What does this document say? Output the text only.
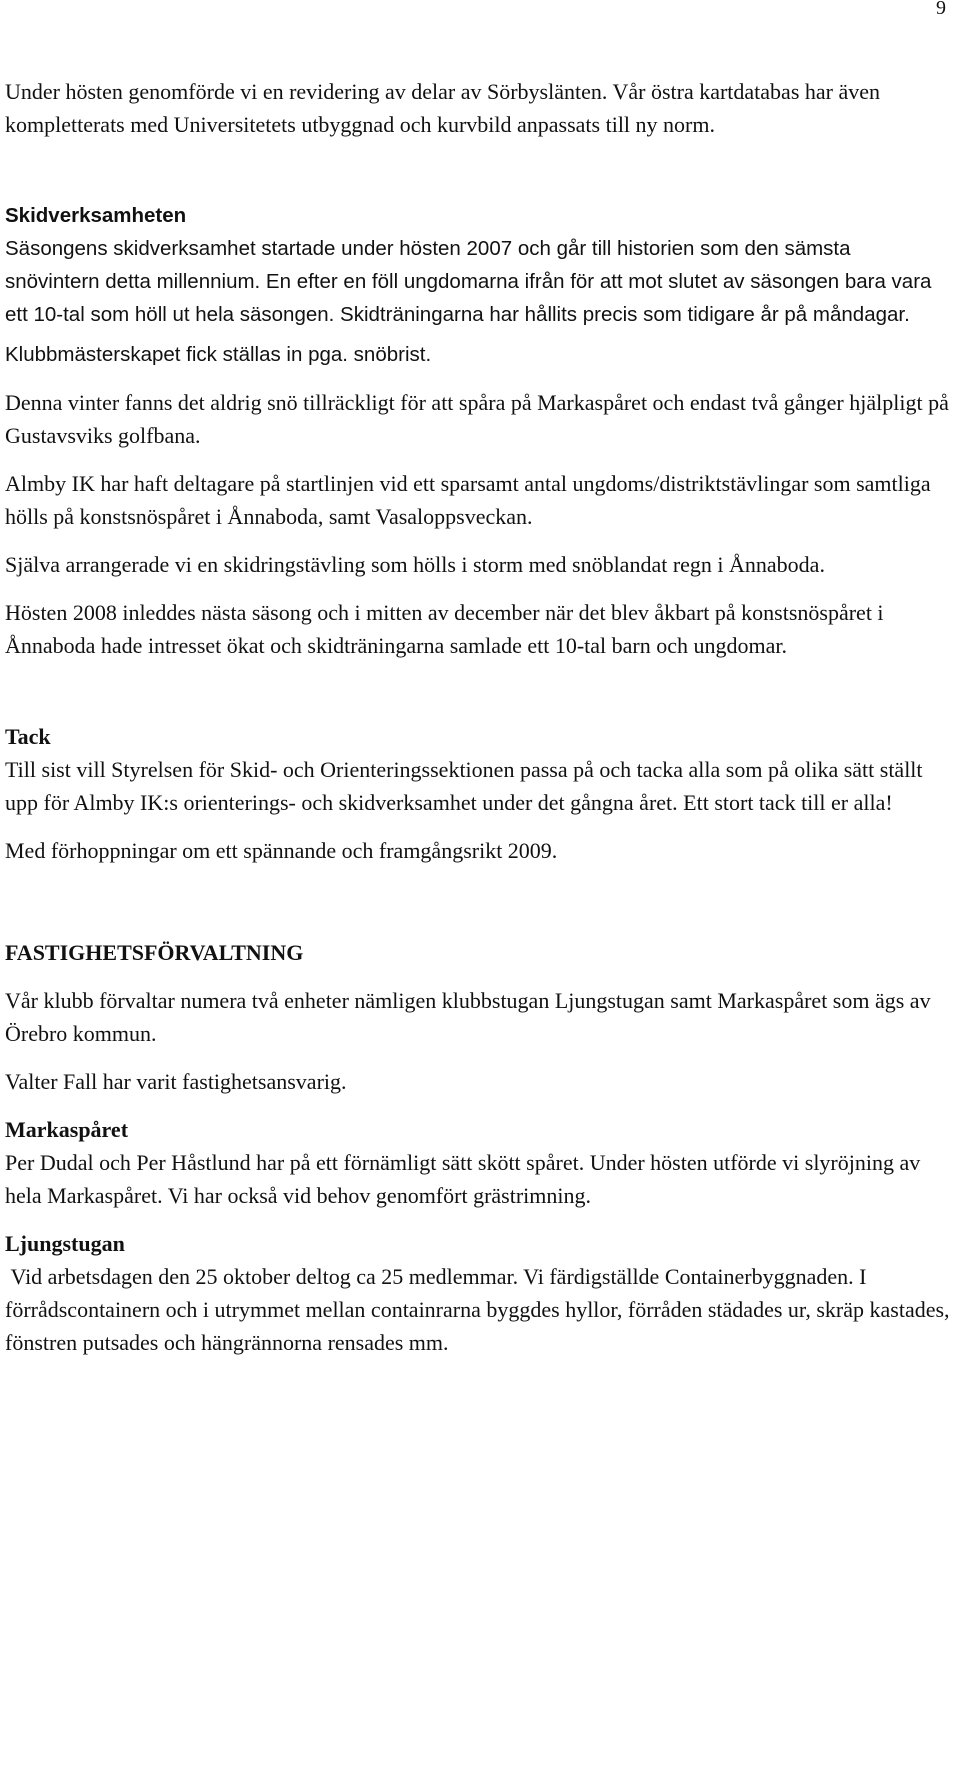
9

Under hösten genomförde vi en revidering av delar av Sörbyslänten. Vår östra kartdatabas har även kompletterats med Universitetets utbyggnad och kurvbild anpassats till ny norm.

Skidverksamheten

Säsongens skidverksamhet startade under hösten 2007 och går till historien som den sämsta snövintern detta millennium. En efter en föll ungdomarna ifrån för att mot slutet av säsongen bara vara ett 10-tal som höll ut hela säsongen. Skidträningarna har hållits precis som tidigare år på måndagar.

Klubbmästerskapet fick ställas in pga. snöbrist.

Denna vinter fanns det aldrig snö tillräckligt för att spåra på Markaspåret och endast två gånger hjälpligt på Gustavsviks golfbana.

Almby IK har haft deltagare på startlinjen vid ett sparsamt antal ungdoms/distriktstävlingar som samtliga hölls på konstsnöspåret i Ånnaboda, samt Vasaloppsveckan.

Själva arrangerade vi en skidringstävling som hölls i storm med snöblandat regn i Ånnaboda.

Hösten 2008 inleddes nästa säsong och i mitten av december när det blev åkbart på konstsnöspåret i Ånnaboda hade intresset ökat och skidträningarna samlade ett 10-tal barn och ungdomar.

Tack

Till sist vill Styrelsen för Skid- och Orienteringssektionen passa på och tacka alla som på olika sätt ställt upp för Almby IK:s orienterings- och skidverksamhet under det gångna året. Ett stort tack till er alla!

Med förhoppningar om ett spännande och framgångsrikt 2009.

FASTIGHETSFÖRVALTNING

Vår klubb förvaltar numera två enheter nämligen klubbstugan Ljungstugan samt Markaspåret som ägs av Örebro kommun.

Valter Fall har varit fastighetsansvarig.

Markaspåret

Per Dudal och Per Håstlund har på ett förnämligt sätt skött spåret. Under hösten utförde vi slyröjning av hela Markaspåret. Vi har också vid behov genomfört grästrimning.

Ljungstugan

Vid arbetsdagen den 25 oktober deltog ca 25 medlemmar. Vi färdigställde Containerbyggnaden. I förrådscontainern och i utrymmet mellan containrarna byggdes hyllor, förråden städades ur, skräp kastades, fönstren putsades och hängrännorna rensades mm.
